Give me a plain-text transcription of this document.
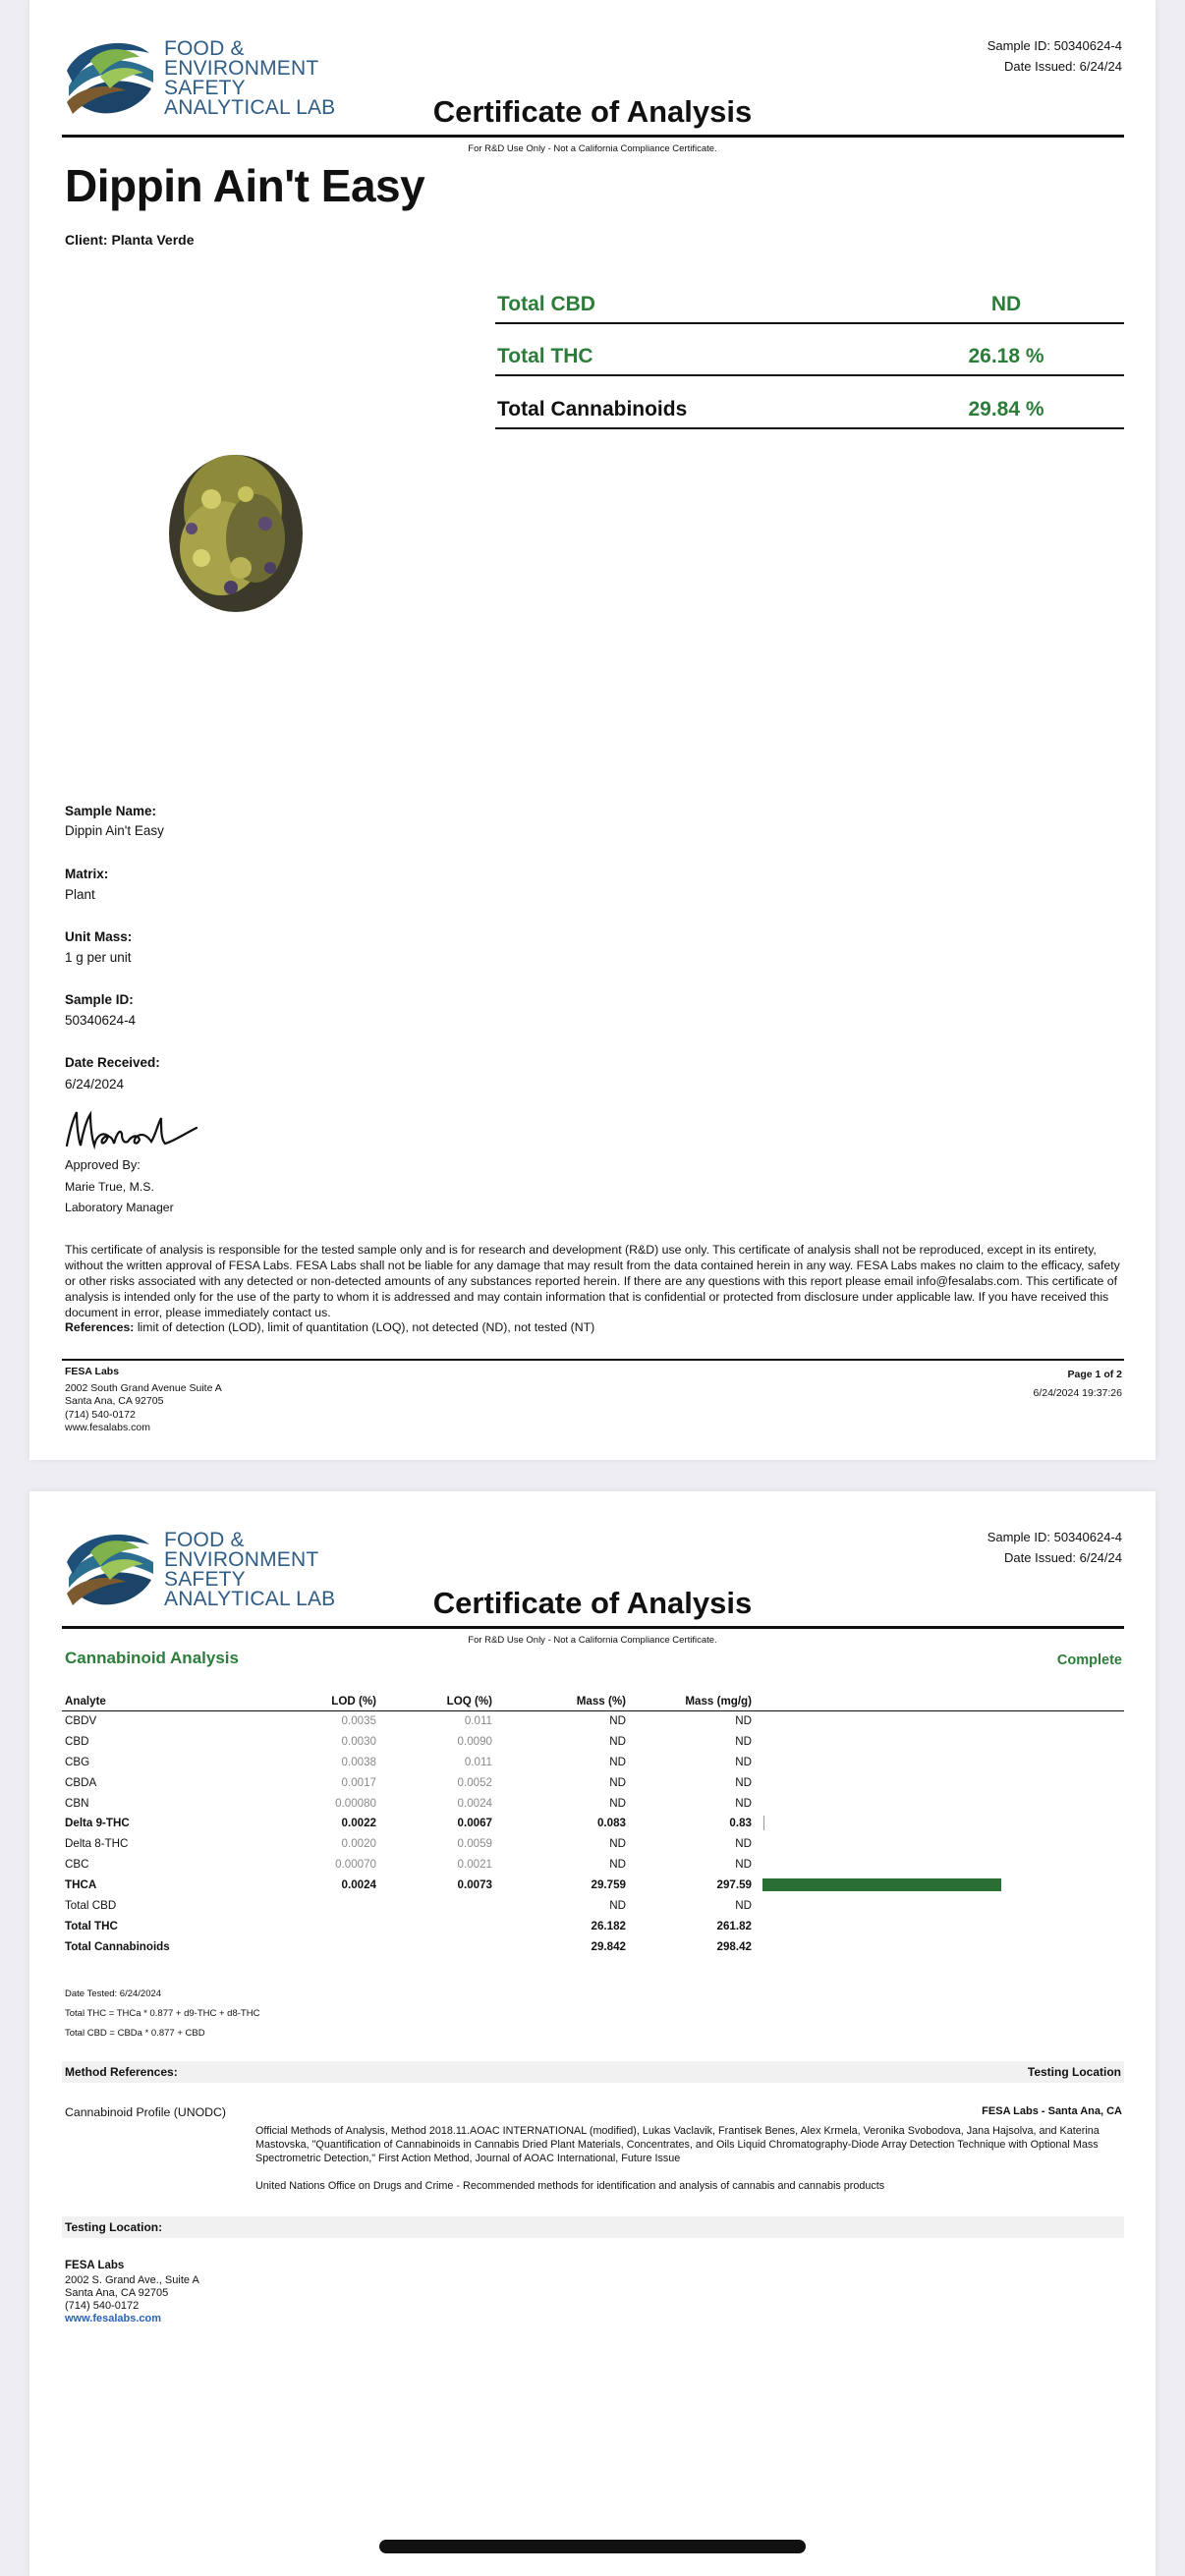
FOOD &
ENVIRONMENT
SAFETY
ANALYTICAL LAB
Sample ID: 50340624-4
Date Issued: 6/24/24
Certificate of Analysis
For R&D Use Only - Not a California Compliance Certificate.
Dippin Ain't Easy
Client: Planta Verde
Total CBD	ND
Total THC	26.18 %
Total Cannabinoids	29.84 %
Sample Name:
Dippin Ain't Easy
Matrix:
Plant
Unit Mass:
1 g per unit
Sample ID:
50340624-4
Date Received:
6/24/2024
Approved By:
Marie True, M.S.
Laboratory Manager
This certificate of analysis is responsible for the tested sample only and is for research and development (R&D) use only. This certificate of analysis shall not be reproduced, except in its entirety, without the written approval of FESA Labs. FESA Labs shall not be liable for any damage that may result from the data contained herein in any way. FESA Labs makes no claim to the efficacy, safety or other risks associated with any detected or non-detected amounts of any substances reported herein. If there are any questions with this report please email info@fesalabs.com. This certificate of analysis is intended only for the use of the party to whom it is addressed and may contain information that is confidential or protected from disclosure under applicable law. If you have received this document in error, please immediately contact us.
References: limit of detection (LOD), limit of quantitation (LOQ), not detected (ND), not tested (NT)
FESA Labs
2002 South Grand Avenue Suite A
Santa Ana, CA 92705
(714) 540-0172
www.fesalabs.com
Page 1 of 2
6/24/2024 19:37:26
FOOD &
ENVIRONMENT
SAFETY
ANALYTICAL LAB
Sample ID: 50340624-4
Date Issued: 6/24/24
Certificate of Analysis
For R&D Use Only - Not a California Compliance Certificate.
Cannabinoid Analysis	Complete
Analyte	LOD (%)	LOQ (%)	Mass (%)	Mass (mg/g)	
CBDV	0.0035	0.011	ND	ND	
CBD	0.0030	0.0090	ND	ND	
CBG	0.0038	0.011	ND	ND	
CBDA	0.0017	0.0052	ND	ND	
CBN	0.00080	0.0024	ND	ND	
Delta 9-THC	0.0022	0.0067	0.083	0.83	

Delta 8-THC	0.0020	0.0059	ND	ND	
CBC	0.00070	0.0021	ND	ND	
THCA	0.0024	0.0073	29.759	297.59	

Total CBD			ND	ND	
Total THC			26.182	261.82	
Total Cannabinoids			29.842	298.42	
Date Tested: 6/24/2024
Total THC = THCa * 0.877 + d9-THC + d8-THC
Total CBD = CBDa * 0.877 + CBD
Method References:	Testing Location
Cannabinoid Profile (UNODC)	FESA Labs - Santa Ana, CA
Official Methods of Analysis, Method 2018.11.AOAC INTERNATIONAL (modified), Lukas Vaclavik, Frantisek Benes, Alex Krmela, Veronika Svobodova, Jana Hajsolva, and Katerina Mastovska, "Quantification of Cannabinoids in Cannabis Dried Plant Materials, Concentrates, and Oils Liquid Chromatography-Diode Array Detection Technique with Optional Mass Spectrometric Detection," First Action Method, Journal of AOAC International, Future Issue
United Nations Office on Drugs and Crime - Recommended methods for identification and analysis of cannabis and cannabis products
Testing Location:
FESA Labs
2002 S. Grand Ave., Suite A
Santa Ana, CA 92705
(714) 540-0172
www.fesalabs.com
